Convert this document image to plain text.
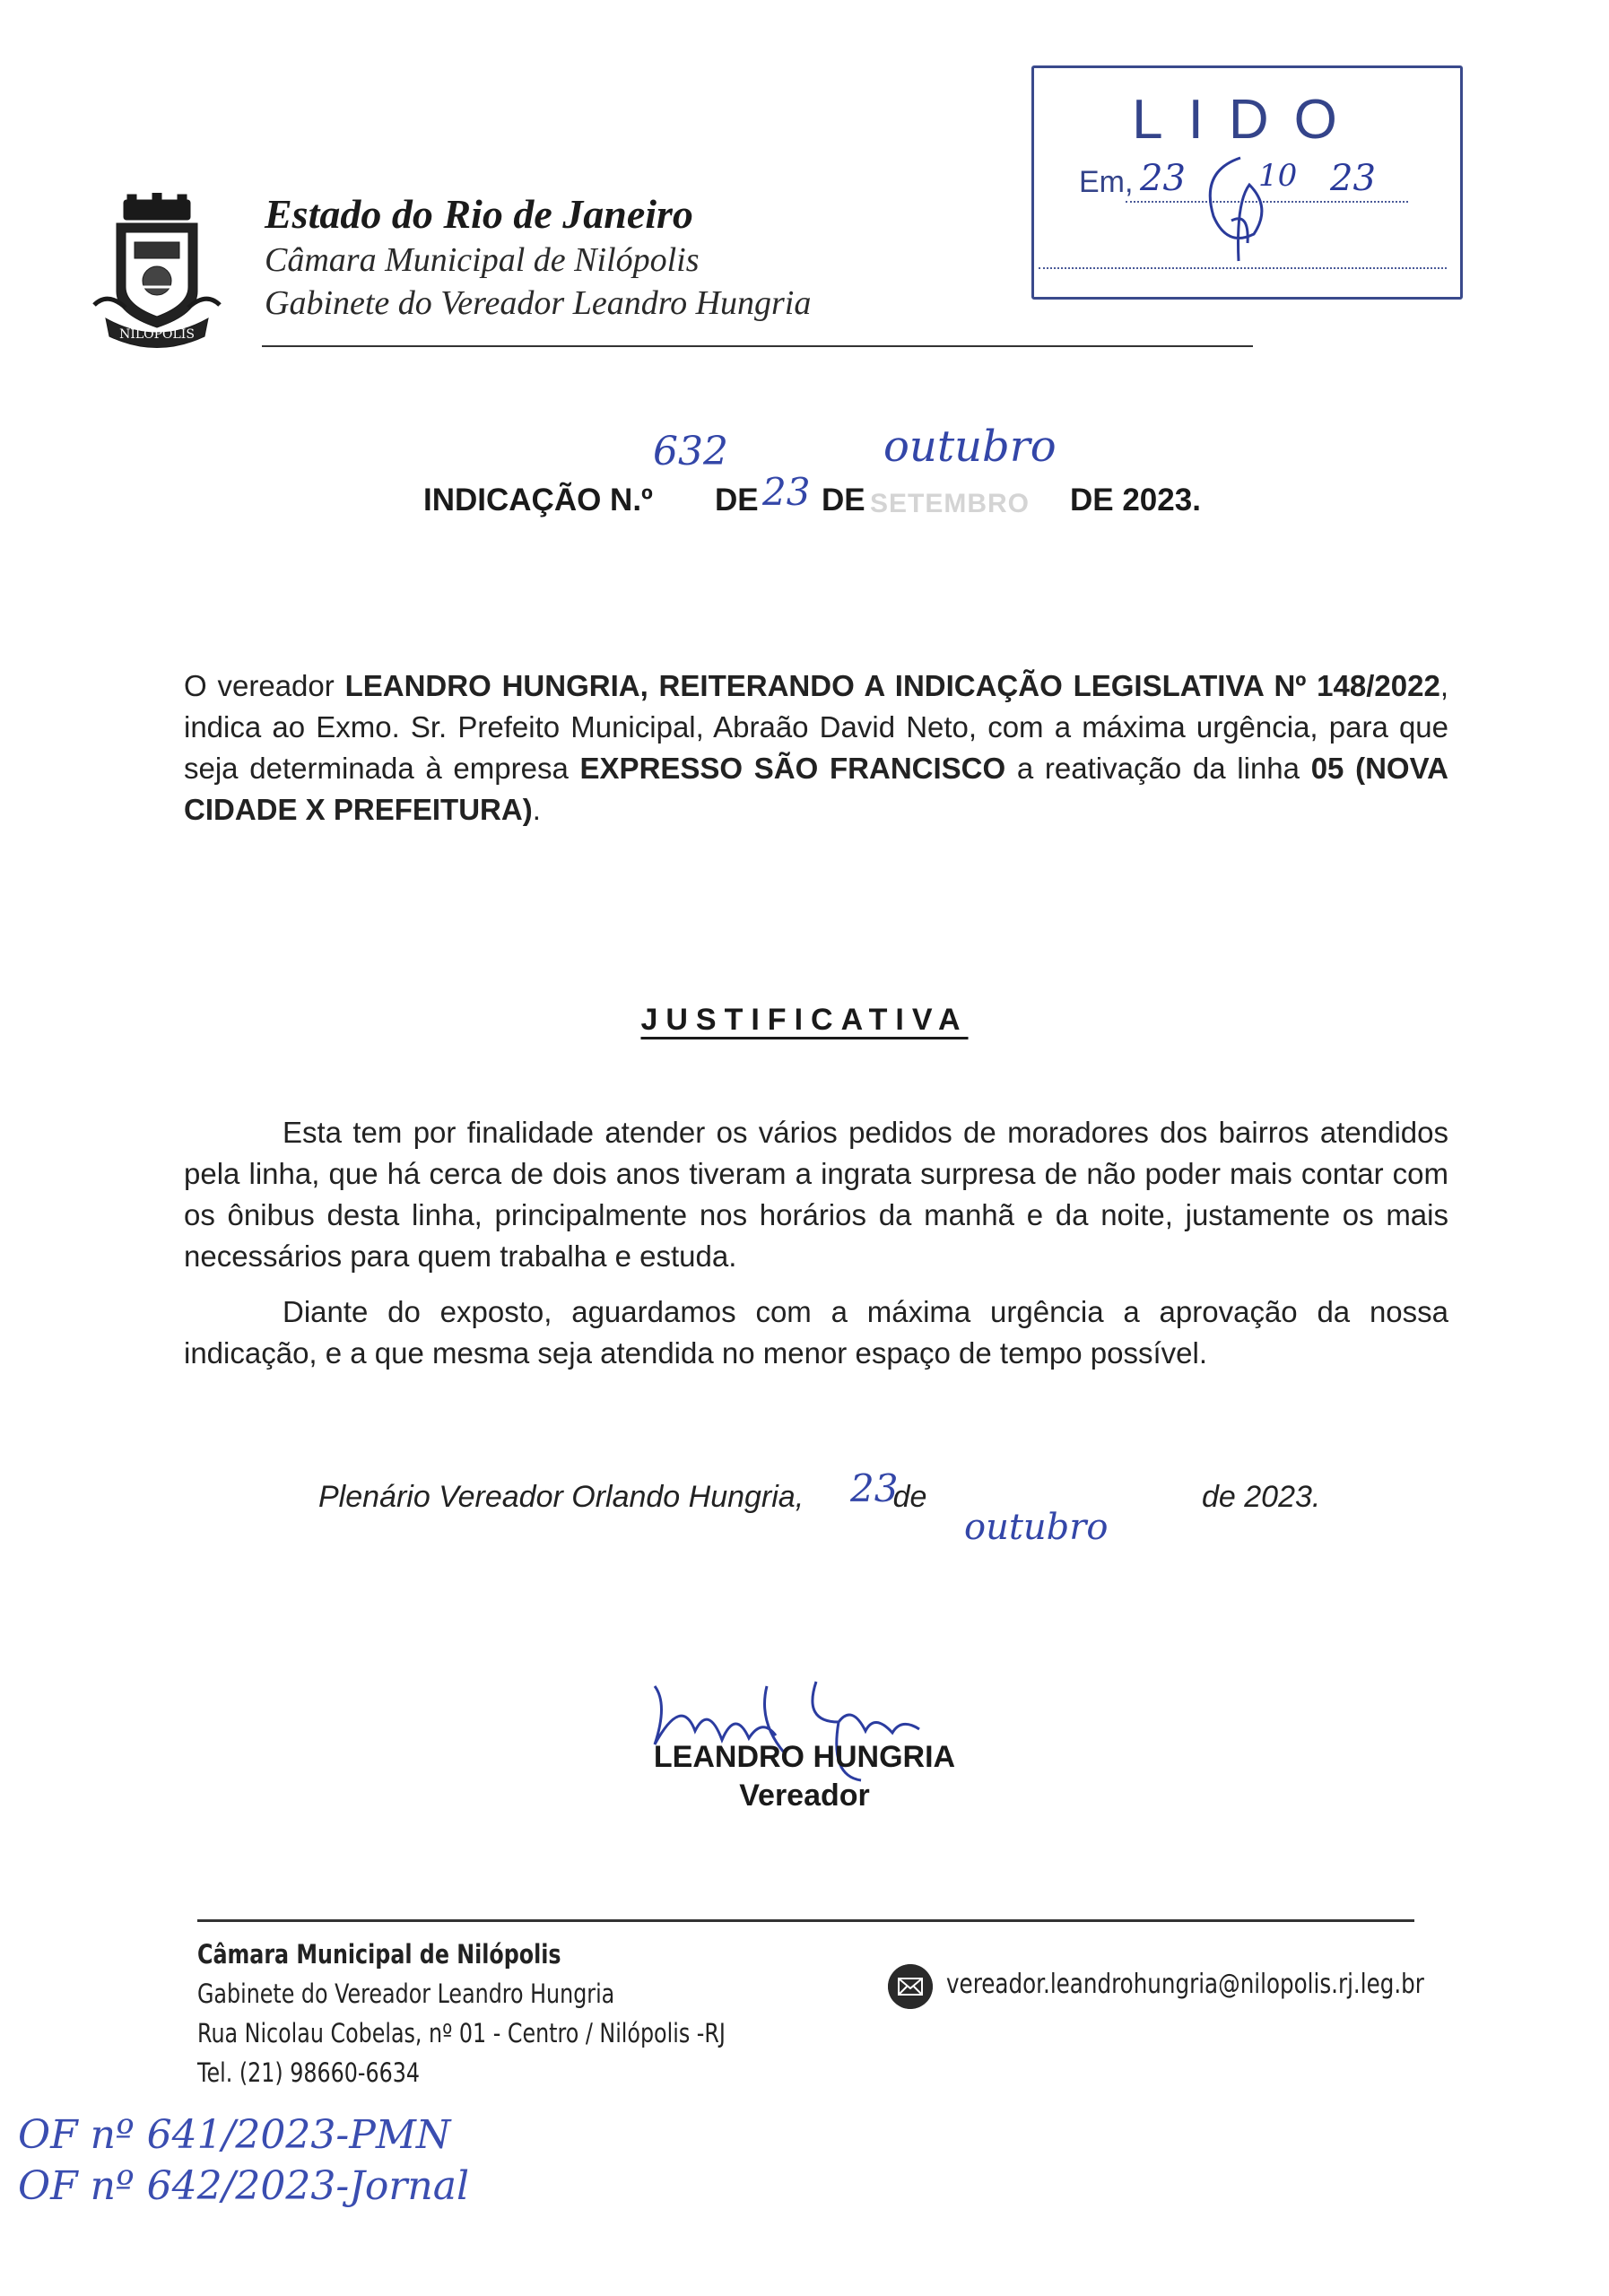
NILÓPOLIS
Estado do Rio de Janeiro
Câmara Municipal de Nilópolis
Gabinete do Vereador Leandro Hungria
LIDO
Em, 23 10 23
632	outubro
INDICAÇÃO N.º DE 23 DE SETEMBRO DE 2023.
O vereador LEANDRO HUNGRIA, REITERANDO A INDICAÇÃO LEGISLATIVA Nº 148/2022, indica ao Exmo. Sr. Prefeito Municipal, Abraão David Neto, com a máxima urgência, para que seja determinada à empresa EXPRESSO SÃO FRANCISCO a reativação da linha 05 (NOVA CIDADE X PREFEITURA).
JUSTIFICATIVA
Esta tem por finalidade atender os vários pedidos de moradores dos bairros atendidos pela linha, que há cerca de dois anos tiveram a ingrata surpresa de não poder mais contar com os ônibus desta linha, principalmente nos horários da manhã e da noite, justamente os mais necessários para quem trabalha e estuda.
Diante do exposto, aguardamos com a máxima urgência a aprovação da nossa indicação, e a que mesma seja atendida no menor espaço de tempo possível.
Plenário Vereador Orlando Hungria,	de
23
outubro
de 2023.
LEANDRO HUNGRIA
Vereador
Câmara Municipal de Nilópolis
Gabinete do Vereador Leandro Hungria
Rua Nicolau Cobelas, nº 01 - Centro / Nilópolis -RJ
Tel. (21) 98660-6634
vereador.leandrohungria@nilopolis.rj.leg.br
OF nº 641/2023-PMN
OF nº 642/2023-Jornal
